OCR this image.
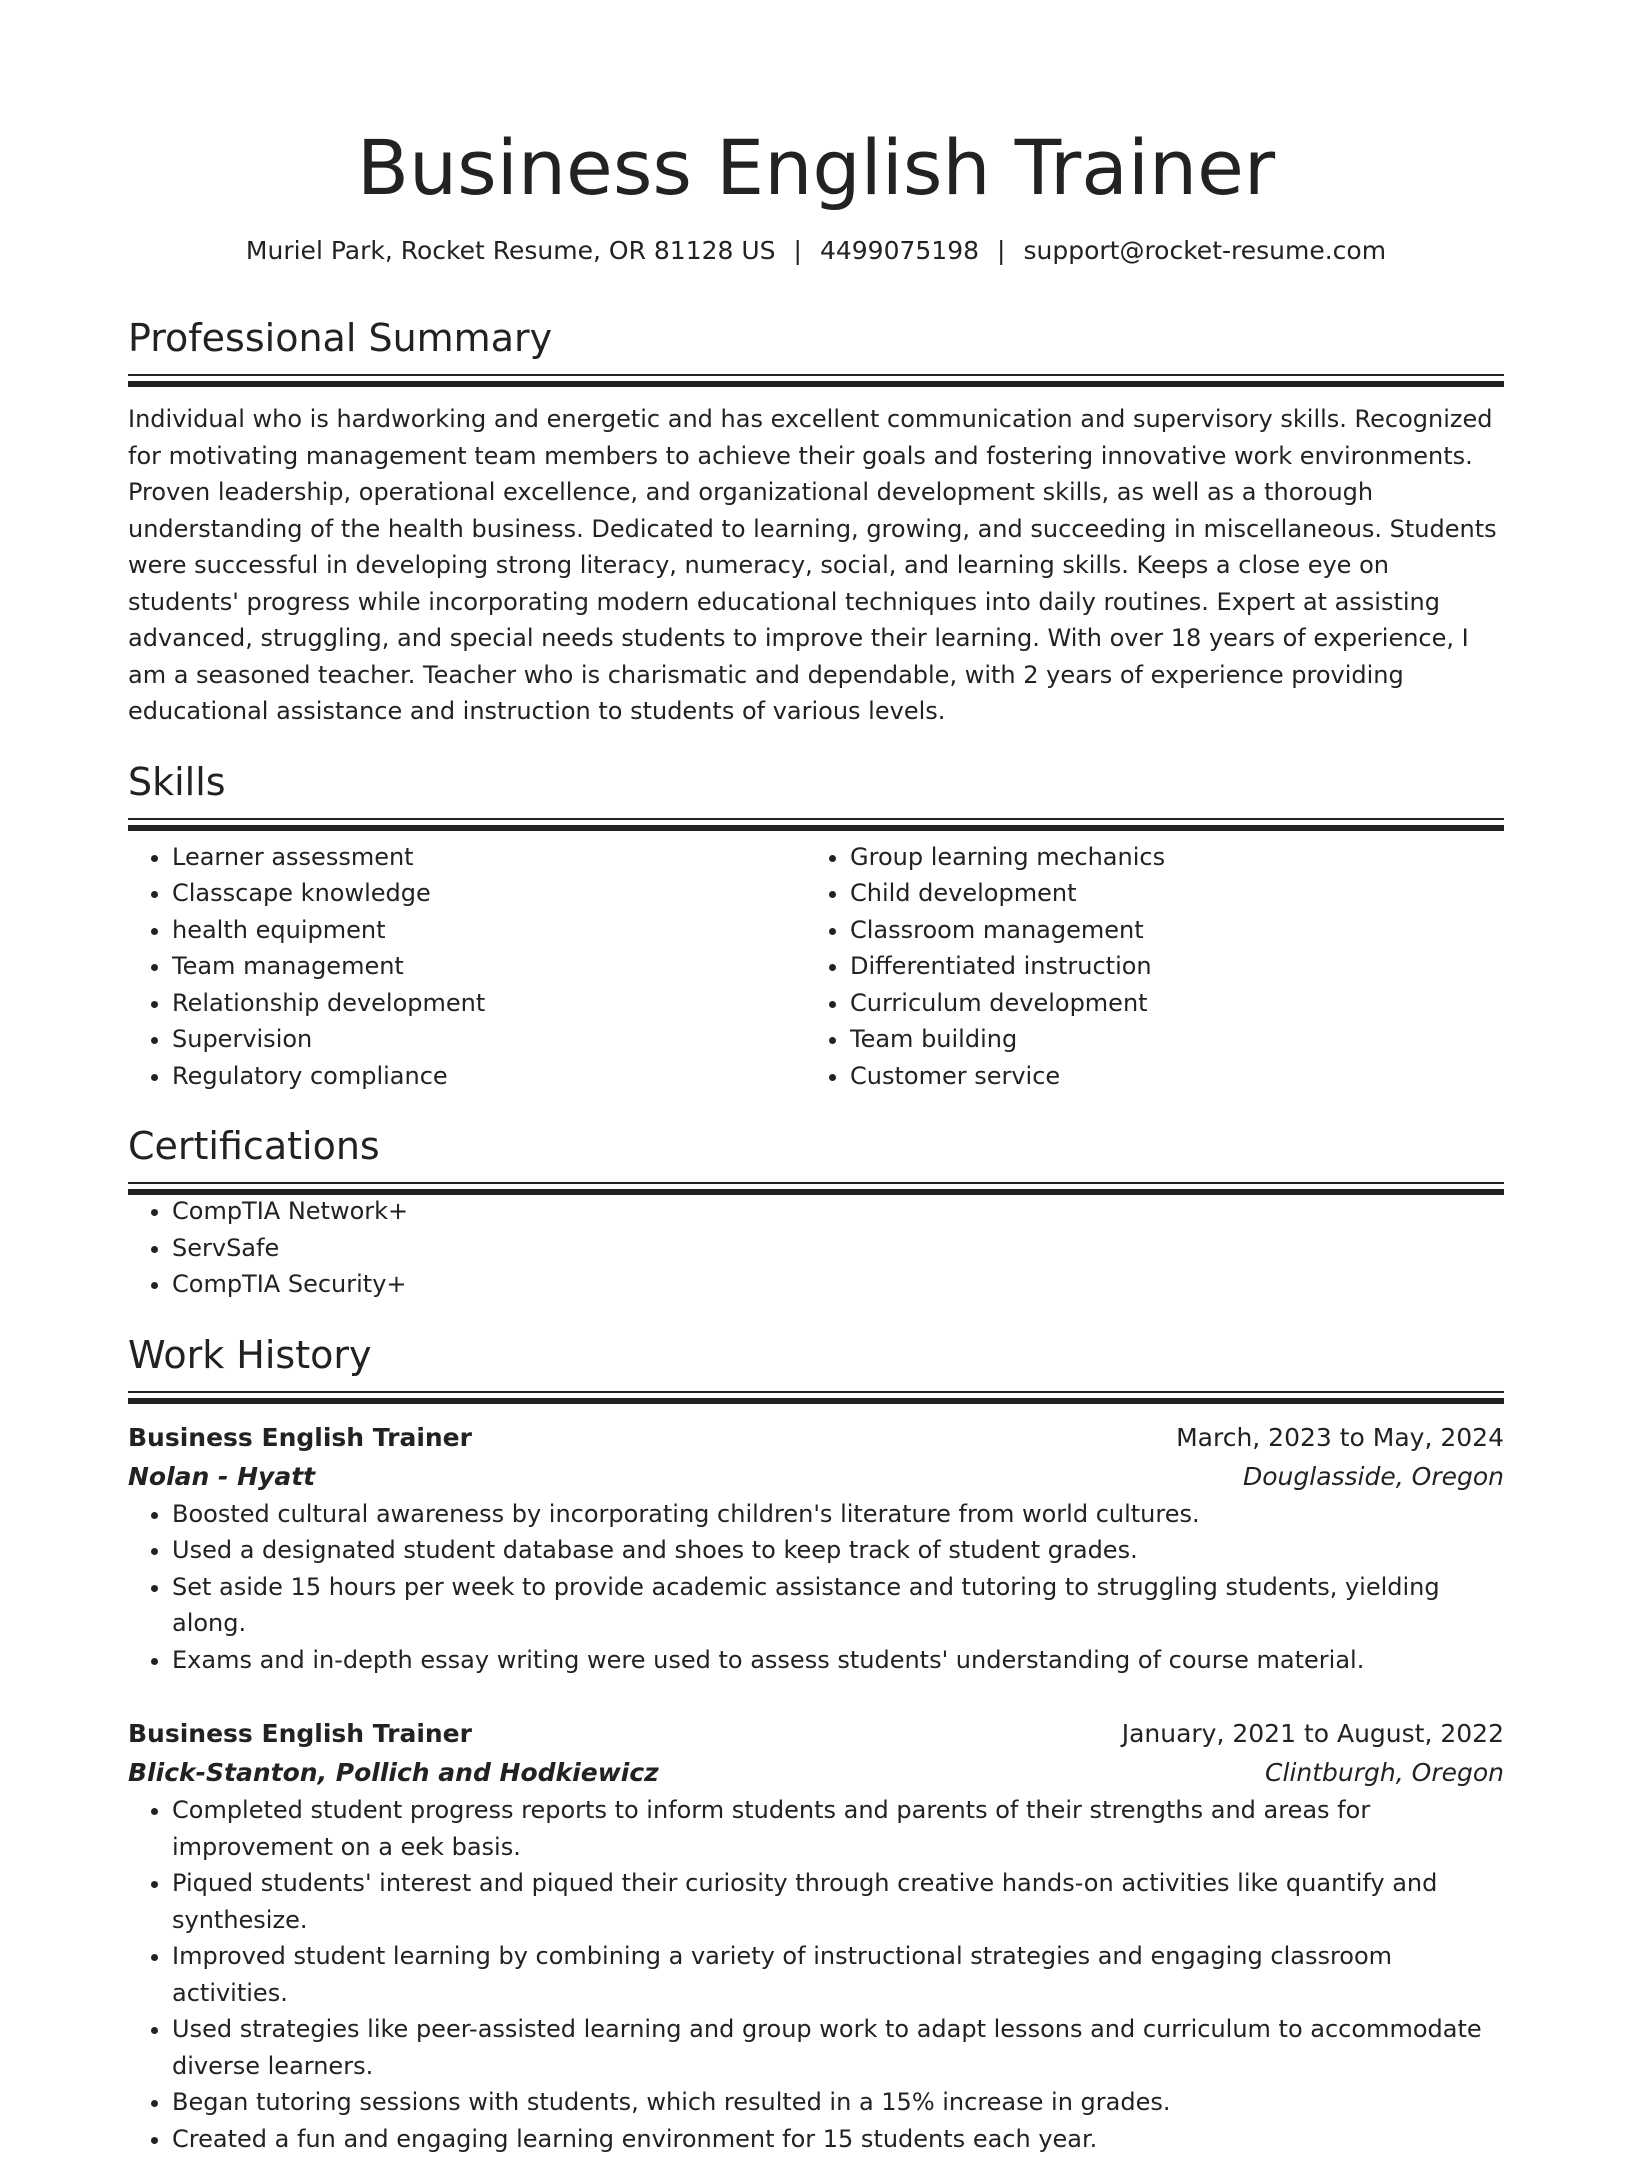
Business English Trainer
Muriel Park, Rocket Resume, OR 81128 US | 4499075198 | support@rocket-resume.com
Professional Summary

Individual who is hardworking and energetic and has excellent communication and supervisory skills. Recognized for motivating management team members to achieve their goals and fostering innovative work environments. Proven leadership, operational excellence, and organizational development skills, as well as a thorough understanding of the health business. Dedicated to learning, growing, and succeeding in miscellaneous. Students were successful in developing strong literacy, numeracy, social, and learning skills. Keeps a close eye on students' progress while incorporating modern educational techniques into daily routines. Expert at assisting advanced, struggling, and special needs students to improve their learning. With over 18 years of experience, I am a seasoned teacher. Teacher who is charismatic and dependable, with 2 years of experience providing educational assistance and instruction to students of various levels.

Skills
• Learner assessment
• Classcape knowledge
• health equipment
• Team management
• Relationship development
• Supervision
• Regulatory compliance
• Group learning mechanics
• Child development
• Classroom management
• Differentiated instruction
• Curriculum development
• Team building
• Customer service
Certifications
• CompTIA Network+
• ServSafe
• CompTIA Security+
Work History
Business English Trainer	March, 2023 to May, 2024
Nolan - Hyatt	Douglasside, Oregon
• Boosted cultural awareness by incorporating children's literature from world cultures.
• Used a designated student database and shoes to keep track of student grades.
• Set aside 15 hours per week to provide academic assistance and tutoring to struggling students, yielding along.
• Exams and in-depth essay writing were used to assess students' understanding of course material.
Business English Trainer	January, 2021 to August, 2022
Blick-Stanton, Pollich and Hodkiewicz	Clintburgh, Oregon
• Completed student progress reports to inform students and parents of their strengths and areas for improvement on a eek basis.
• Piqued students' interest and piqued their curiosity through creative hands-on activities like quantify and synthesize.
• Improved student learning by combining a variety of instructional strategies and engaging classroom activities.
• Used strategies like peer-assisted learning and group work to adapt lessons and curriculum to accommodate diverse learners.
• Began tutoring sessions with students, which resulted in a 15% increase in grades.
• Created a fun and engaging learning environment for 15 students each year.
